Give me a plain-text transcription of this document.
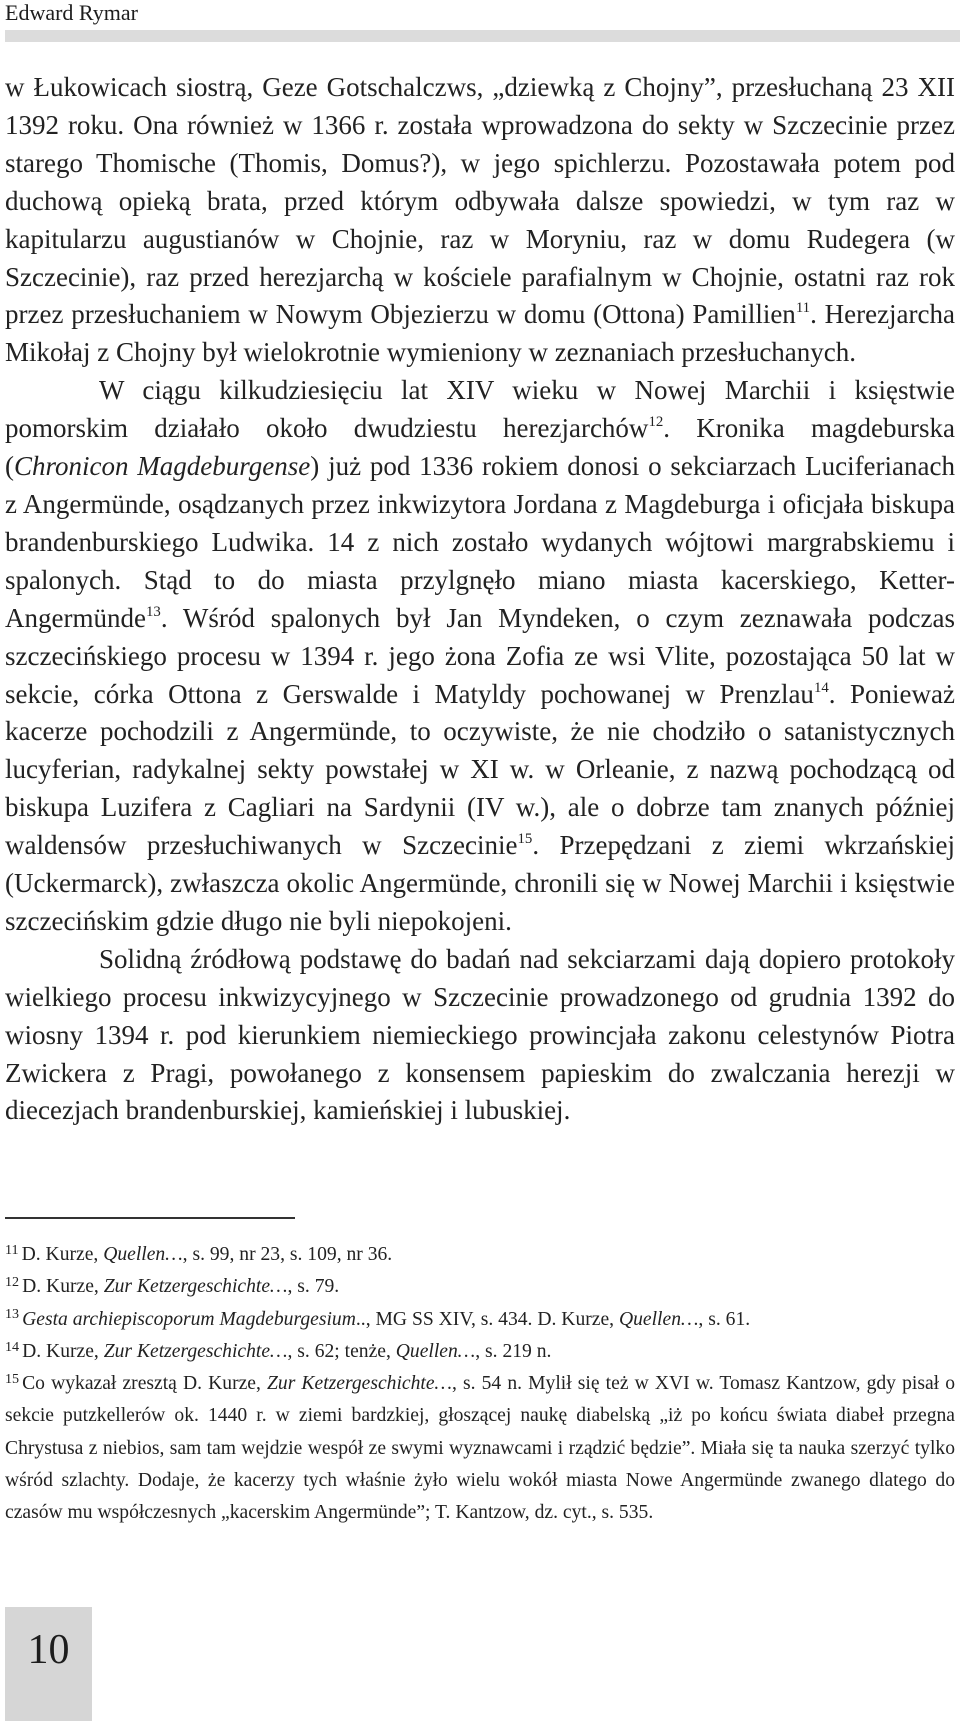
Edward Rymar

w Łukowicach siostrą, Geze Gotschalczws, „dziewką z Chojny”, przesłuchaną 23 XII 1392 roku. Ona również w 1366 r. została wprowadzona do sekty w Szczecinie przez starego Thomische (Thomis, Domus?), w jego spichlerzu. Pozostawała potem pod duchową opieką brata, przed którym odbywała dalsze spowiedzi, w tym raz w kapitularzu augustianów w Chojnie, raz w Moryniu, raz w domu Rudegera (w Szczecinie), raz przed herezjarchą w kościele parafialnym w Chojnie, ostatni raz rok przez przesłuchaniem w Nowym Objezierzu w domu (Ottona) Pamillien$^{11}$. Herezjarcha Mikołaj z Chojny był wielokrotnie wymieniony w zeznaniach przesłuchanych.

W ciągu kilkudziesięciu lat XIV wieku w Nowej Marchii i księstwie pomorskim działało około dwudziestu herezjarchów$^{12}$. Kronika magdeburska (Chronicon Magdeburgense) już pod 1336 rokiem donosi o sekciarzach Luciferianach z Angermünde, osądzanych przez inkwizytora Jordana z Magdeburga i oficjała biskupa brandenburskiego Ludwika. 14 z nich zostało wydanych wójtowi margrabskiemu i spalonych. Stąd to do miasta przylgnęło miano miasta kacerskiego, Ketter-Angermünde$^{13}$. Wśród spalonych był Jan Myndeken, o czym zeznawała podczas szczecińskiego procesu w 1394 r. jego żona Zofia ze wsi Vlite, pozostająca 50 lat w sekcie, córka Ottona z Gerswalde i Matyldy pochowanej w Prenzlau$^{14}$. Ponieważ kacerze pochodzili z Angermünde, to oczywiste, że nie chodziło o satanistycznych lucyferian, radykalnej sekty powstałej w XI w. w Orleanie, z nazwą pochodzącą od biskupa Luzifera z Cagliari na Sardynii (IV w.), ale o dobrze tam znanych później waldensów przesłuchiwanych w Szczecinie$^{15}$. Przepędzani z ziemi wkrzańskiej (Uckermarck), zwłaszcza okolic Angermünde, chronili się w Nowej Marchii i księstwie szczecińskim gdzie długo nie byli niepokojeni.

Solidną źródłową podstawę do badań nad sekciarzami dają dopiero protokoły wielkiego procesu inkwizycyjnego w Szczecinie prowadzonego od grudnia 1392 do wiosny 1394 r. pod kierunkiem niemieckiego prowincjała zakonu celestynów Piotra Zwickera z Pragi, powołanego z konsensem papieskim do zwalczania herezji w diecezjach brandenburskiej, kamieńskiej i lubuskiej.

$^{11}$ D. Kurze, Quellen…, s. 99, nr 23, s. 109, nr 36.

$^{12}$ D. Kurze, Zur Ketzergeschichte…, s. 79.

$^{13}$ Gesta archiepiscoporum Magdeburgesium.., MG SS XIV, s. 434. D. Kurze, Quellen…, s. 61.

$^{14}$ D. Kurze, Zur Ketzergeschichte…, s. 62; tenże, Quellen…, s. 219 n.

$^{15}$ Co wykazał zresztą D. Kurze, Zur Ketzergeschichte…, s. 54 n. Mylił się też w XVI w. Tomasz Kantzow, gdy pisał o sekcie putzkellerów ok. 1440 r. w ziemi bardzkiej, głoszącej naukę diabelską „iż po końcu świata diabeł przegna Chrystusa z niebios, sam tam wejdzie wespół ze swymi wyznawcami i rządzić będzie”. Miała się ta nauka szerzyć tylko wśród szlachty. Dodaje, że kacerzy tych właśnie żyło wielu wokół miasta Nowe Angermünde zwanego dlatego do czasów mu współczesnych „kacerskim Angermünde”; T. Kantzow, dz. cyt., s. 535.

10
